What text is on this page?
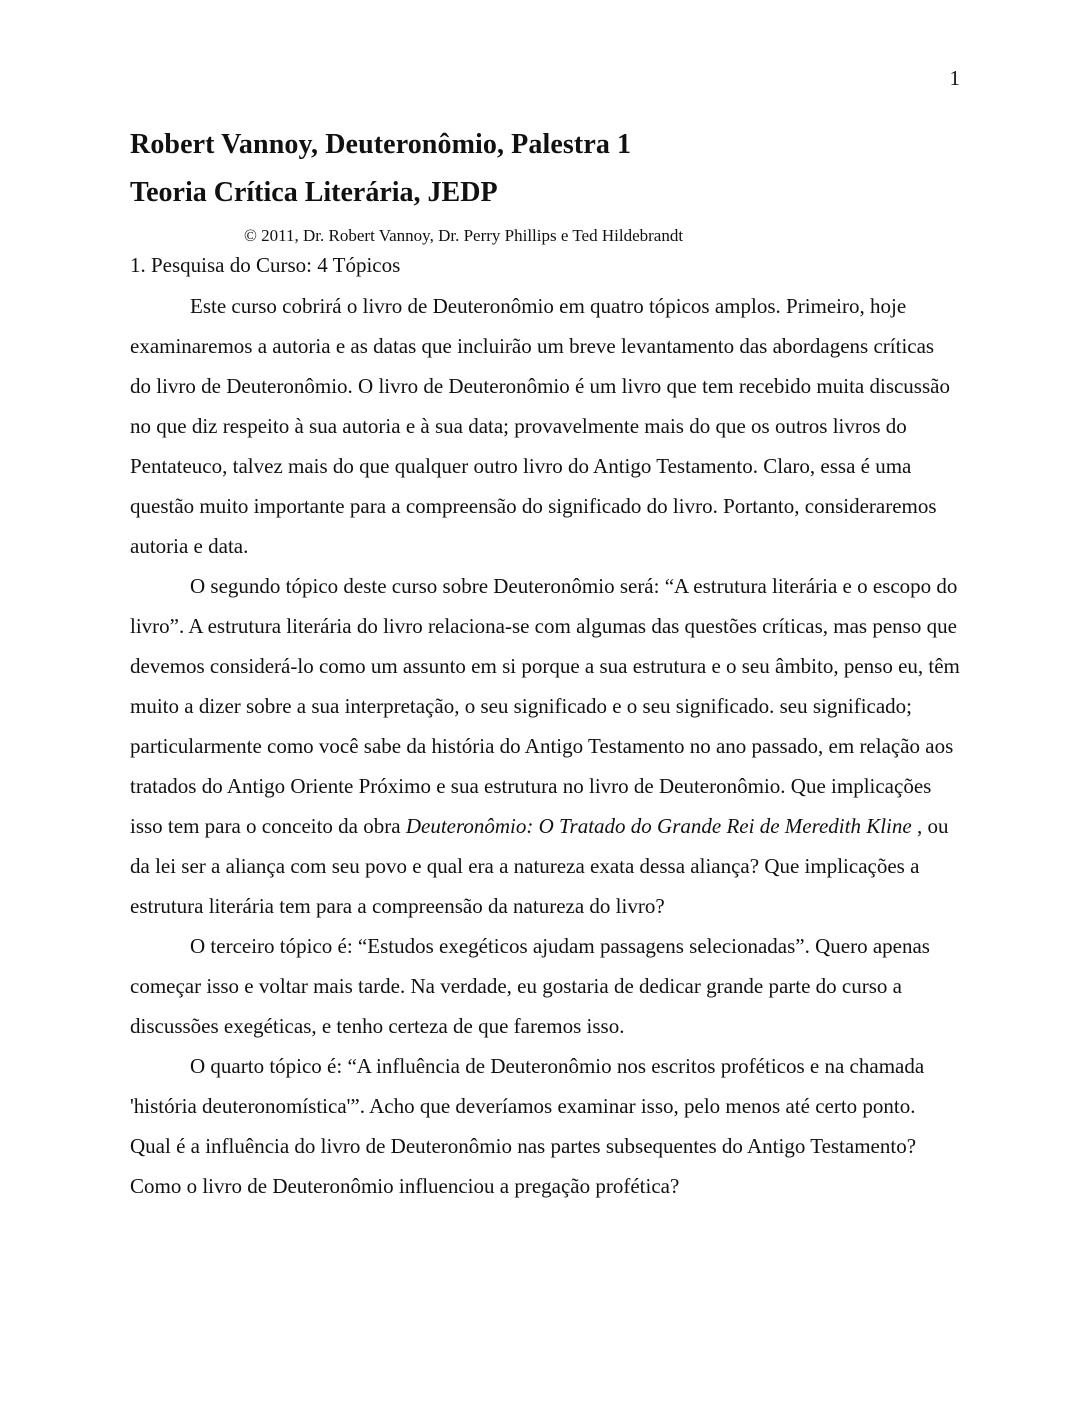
1
Robert Vannoy, Deuteronômio, Palestra 1
Teoria Crítica Literária, JEDP

© 2011, Dr. Robert Vannoy, Dr. Perry Phillips e Ted Hildebrandt

1. Pesquisa do Curso: 4 Tópicos

Este curso cobrirá o livro de Deuteronômio em quatro tópicos amplos. Primeiro, hoje examinaremos a autoria e as datas que incluirão um breve levantamento das abordagens críticas do livro de Deuteronômio. O livro de Deuteronômio é um livro que tem recebido muita discussão no que diz respeito à sua autoria e à sua data; provavelmente mais do que os outros livros do Pentateuco, talvez mais do que qualquer outro livro do Antigo Testamento. Claro, essa é uma questão muito importante para a compreensão do significado do livro. Portanto, consideraremos autoria e data.

O segundo tópico deste curso sobre Deuteronômio será: “A estrutura literária e o escopo do livro”. A estrutura literária do livro relaciona-se com algumas das questões críticas, mas penso que devemos considerá-lo como um assunto em si porque a sua estrutura e o seu âmbito, penso eu, têm muito a dizer sobre a sua interpretação, o seu significado e o seu significado. seu significado; particularmente como você sabe da história do Antigo Testamento no ano passado, em relação aos tratados do Antigo Oriente Próximo e sua estrutura no livro de Deuteronômio. Que implicações isso tem para o conceito da obra Deuteronômio: O Tratado do Grande Rei de Meredith Kline , ou da lei ser a aliança com seu povo e qual era a natureza exata dessa aliança? Que implicações a estrutura literária tem para a compreensão da natureza do livro?

O terceiro tópico é: “Estudos exegéticos ajudam passagens selecionadas”. Quero apenas começar isso e voltar mais tarde. Na verdade, eu gostaria de dedicar grande parte do curso a discussões exegéticas, e tenho certeza de que faremos isso.

O quarto tópico é: “A influência de Deuteronômio nos escritos proféticos e na chamada 'história deuteronomística'”. Acho que deveríamos examinar isso, pelo menos até certo ponto. Qual é a influência do livro de Deuteronômio nas partes subsequentes do Antigo Testamento? Como o livro de Deuteronômio influenciou a pregação profética?
